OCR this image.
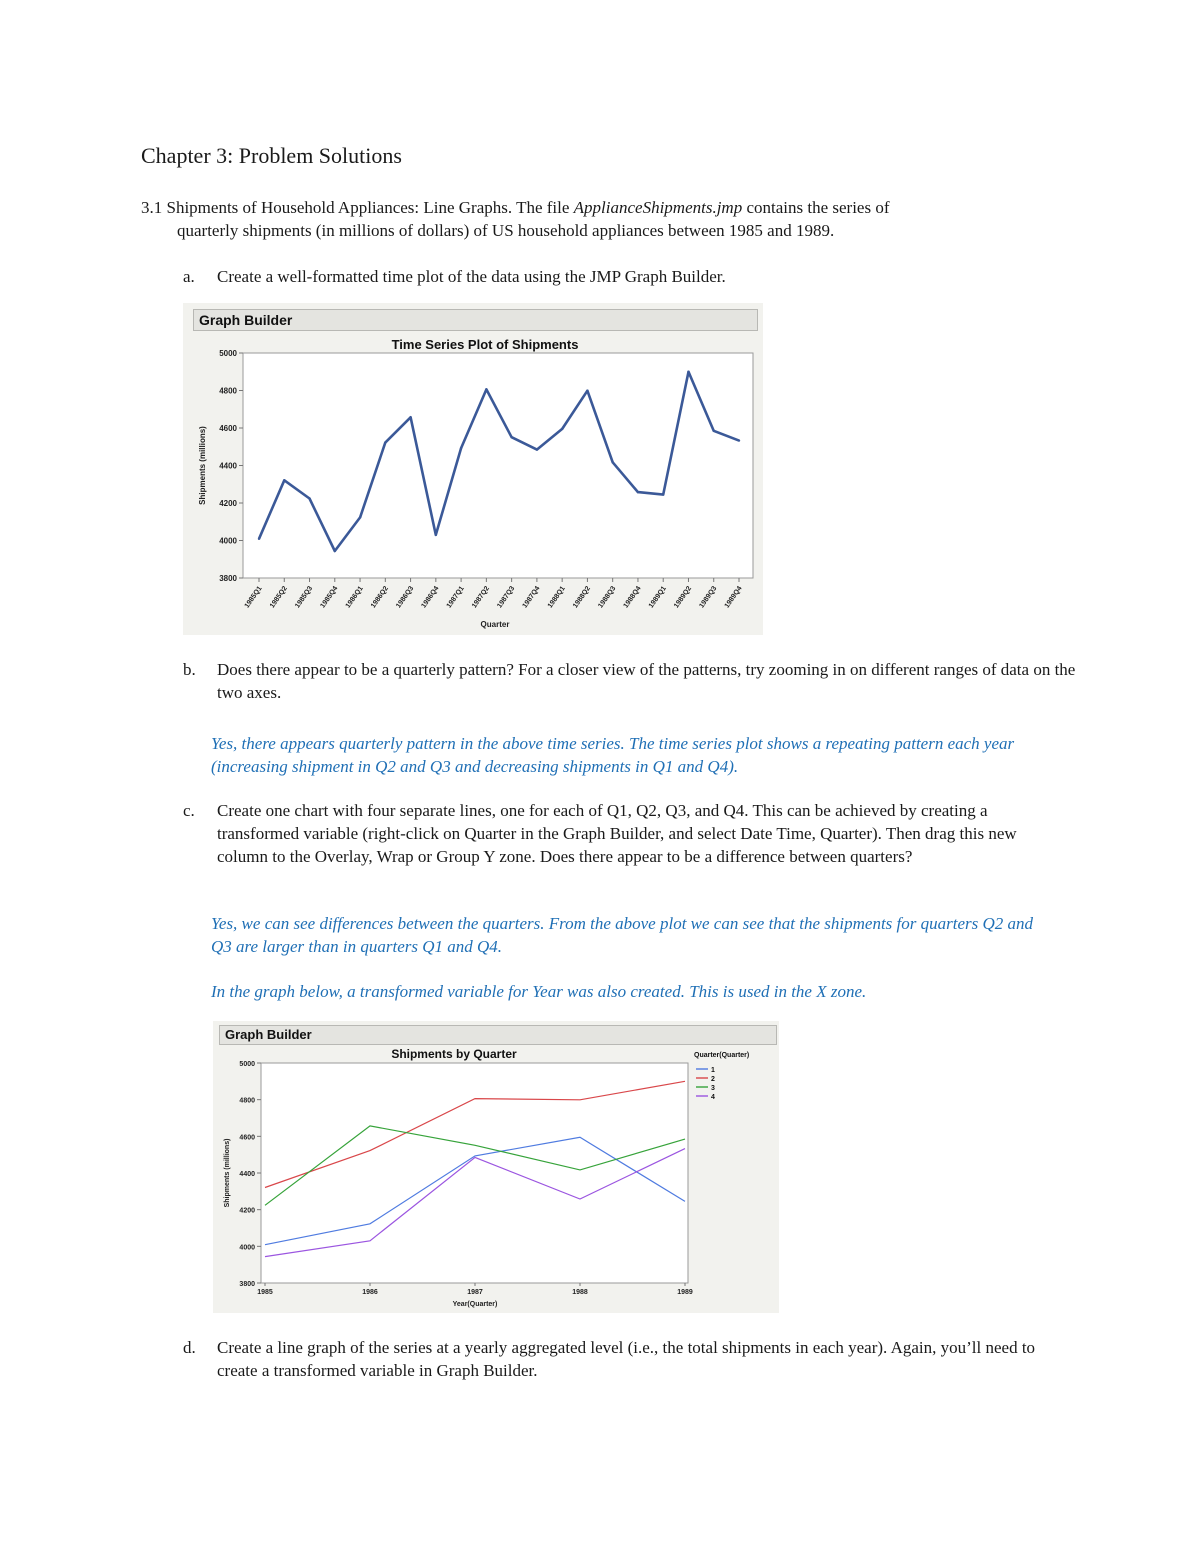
Chapter 3: Problem Solutions
3.1 Shipments of Household Appliances: Line Graphs. The file ApplianceShipments.jmp contains the series of
quarterly shipments (in millions of dollars) of US household appliances between 1985 and 1989.
a. Create a well-formatted time plot of the data using the JMP Graph Builder.
Graph Builder
Time Series Plot of Shipments
3800
4000
4200
4400
4600
4800
5000
Shipments (millions)
1985Q1 1985Q2 1985Q3 1985Q4 1986Q1 1986Q2 1986Q3 1986Q4 1987Q1 1987Q2 1987Q3 1987Q4 1988Q1 1988Q2 1988Q3 1988Q4 1989Q1 1989Q2 1989Q3 1989Q4
Quarter
b. Does there appear to be a quarterly pattern? For a closer view of the patterns, try zooming in on different ranges of data on the two axes.
Yes, there appears quarterly pattern in the above time series. The time series plot shows a repeating pattern each year (increasing shipment in Q2 and Q3 and decreasing shipments in Q1 and Q4).
c. Create one chart with four separate lines, one for each of Q1, Q2, Q3, and Q4. This can be achieved by creating a transformed variable (right-click on Quarter in the Graph Builder, and select Date Time, Quarter). Then drag this new column to the Overlay, Wrap or Group Y zone. Does there appear to be a difference between quarters?
Yes, we can see differences between the quarters. From the above plot we can see that the shipments for quarters Q2 and Q3 are larger than in quarters Q1 and Q4.
In the graph below, a transformed variable for Year was also created. This is used in the X zone.
Graph Builder
Shipments by Quarter
3800
4000
4200
4400
4600
4800
5000
Shipments (millions)
1985	1986	1987	1988	1989
Year(Quarter)
Quarter(Quarter)
1
2
3
4
d. Create a line graph of the series at a yearly aggregated level (i.e., the total shipments in each year). Again, you’ll need to create a transformed variable in Graph Builder.
